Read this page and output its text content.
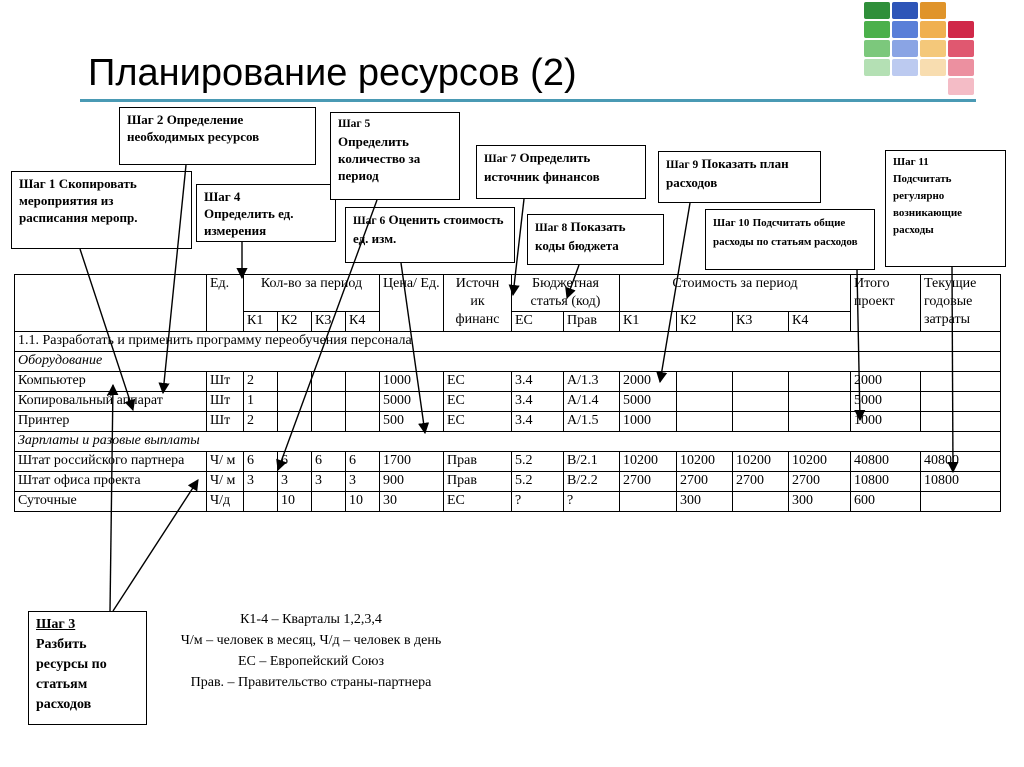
Планирование ресурсов (2)
Шаг 1 Скопировать мероприятия из расписания меропр.
Шаг 2 Определение необходимых ресурсов
Шаг 3
Разбить ресурсы по статьям расходов
Шаг 4
Определить ед. измерения
Шаг 5
Определить количество за период
Шаг 6 Оценить стоимость ед. изм.
Шаг 7 Определить источник финансов
Шаг 8 Показать коды бюджета
Шаг 9 Показать план расходов
Шаг 10 Подсчитать общие расходы по статьям расходов
Шаг 11
Подсчитать регулярно возникающие расходы
	Ед.	Кол-во за период				Цена/ Ед.	Источн ик финанс	Бюджетная статья (код)		Стоимость за период				Итого проект	Текущие годовые затраты
		К1	К2	К3	К4			ЕС	Прав	К1	К2	К3	К4		
1.1. Разработать и применить программу переобучения персонала															
Оборудование															
Компьютер	Шт	2				1000	ЕС	3.4	А/1.3	2000				2000	
Копировальный аппарат	Шт	1				5000	ЕС	3.4	А/1.4	5000				5000	
Принтер	Шт	2				500	ЕС	3.4	А/1.5	1000				1000	
Зарплаты и разовые выплаты															
Штат российского партнера	Ч/ м	6	6	6	6	1700	Прав	5.2	В/2.1	10200	10200	10200	10200	40800	40800
Штат офиса проекта	Ч/ м	3	3	3	3	900	Прав	5.2	В/2.2	2700	2700	2700	2700	10800	10800
Суточные	Ч/д		10		10	30	ЕС	?	?		300		300	600	
К1-4 – Кварталы 1,2,3,4
Ч/м – человек в месяц, Ч/д – человек в день
ЕС – Европейский Союз
Прав. – Правительство страны-партнера
